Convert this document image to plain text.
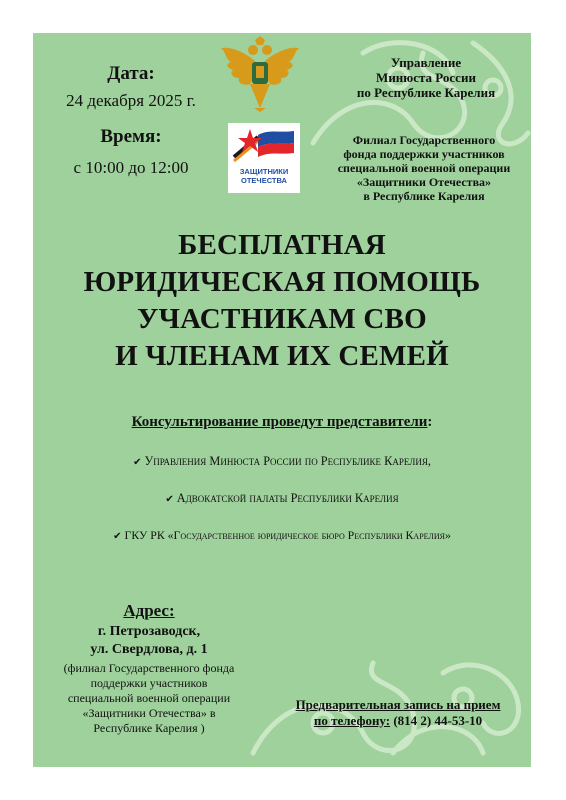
Дата:
24 декабря 2025 г.
Время:
с 10:00 до 12:00
Управление
Минюста России
по Республике Карелия
ЗАЩИТНИКИ
ОТЕЧЕСТВА
Филиал Государственного
фонда поддержки участников
специальной военной операции
«Защитники Отечества»
в Республике Карелия
БЕСПЛАТНАЯ
ЮРИДИЧЕСКАЯ ПОМОЩЬ
УЧАСТНИКАМ СВО
И ЧЛЕНАМ ИХ СЕМЕЙ
Консультирование проведут представители:
✔ Управления Минюста России по Республике Карелия,
✔ Адвокатской палаты Республики Карелия
✔ ГКУ РК «Государственное юридическое бюро Республики Карелия»
Адрес:
г. Петрозаводск,
ул. Свердлова, д. 1
(филиал Государственного фонда
поддержки участников
специальной военной операции
«Защитники Отечества» в
Республике Карелия )
Предварительная запись на прием
по телефону: (814 2) 44-53-10
